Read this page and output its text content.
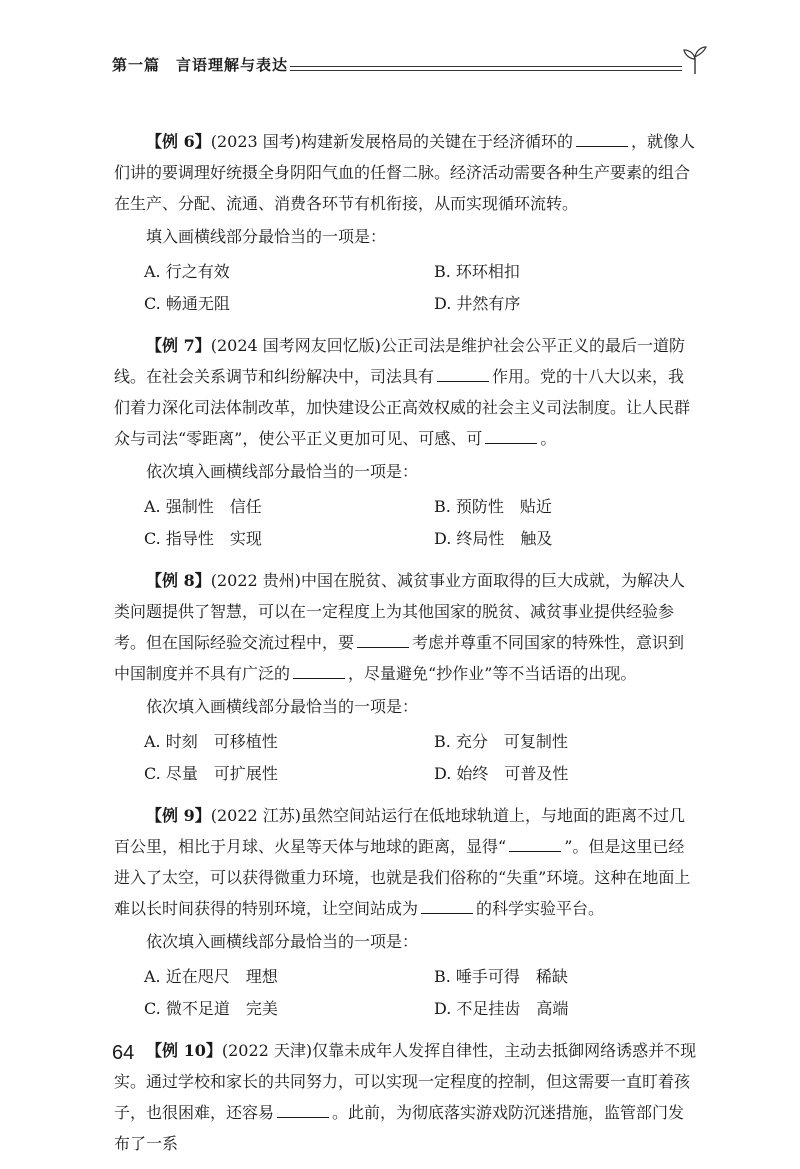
第一篇　言语理解与表达

【例 6】(2023 国考)构建新发展格局的关键在于经济循环的	，就像人们讲的要调理好统摄全身阴阳气血的任督二脉。经济活动需要各种生产要素的组合在生产、分配、流通、消费各环节有机衔接，从而实现循环流转。

填入画横线部分最恰当的一项是：

A. 行之有效	B. 环环相扣
C. 畅通无阻	D. 井然有序

【例 7】(2024 国考网友回忆版)公正司法是维护社会公平正义的最后一道防线。在社会关系调节和纠纷解决中，司法具有	作用。党的十八大以来，我们着力深化司法体制改革，加快建设公正高效权威的社会主义司法制度。让人民群众与司法“零距离”，使公平正义更加可见、可感、可	。

依次填入画横线部分最恰当的一项是：

A. 强制性　信任	B. 预防性　贴近
C. 指导性　实现	D. 终局性　触及

【例 8】(2022 贵州)中国在脱贫、减贫事业方面取得的巨大成就，为解决人类问题提供了智慧，可以在一定程度上为其他国家的脱贫、减贫事业提供经验参考。但在国际经验交流过程中，要	考虑并尊重不同国家的特殊性，意识到中国制度并不具有广泛的	，尽量避免“抄作业”等不当话语的出现。

依次填入画横线部分最恰当的一项是：

A. 时刻　可移植性	B. 充分　可复制性
C. 尽量　可扩展性	D. 始终　可普及性

【例 9】(2022 江苏)虽然空间站运行在低地球轨道上，与地面的距离不过几百公里，相比于月球、火星等天体与地球的距离，显得“	”。但是这里已经进入了太空，可以获得微重力环境，也就是我们俗称的“失重”环境。这种在地面上难以长时间获得的特别环境，让空间站成为	的科学实验平台。

依次填入画横线部分最恰当的一项是：

A. 近在咫尺　理想	B. 唾手可得　稀缺
C. 微不足道　完美	D. 不足挂齿　高端

【例 10】(2022 天津)仅靠未成年人发挥自律性，主动去抵御网络诱惑并不现实。通过学校和家长的共同努力，可以实现一定程度的控制，但这需要一直盯着孩子，也很困难，还容易	。此前，为彻底落实游戏防沉迷措施，监管部门发布了一系

64
